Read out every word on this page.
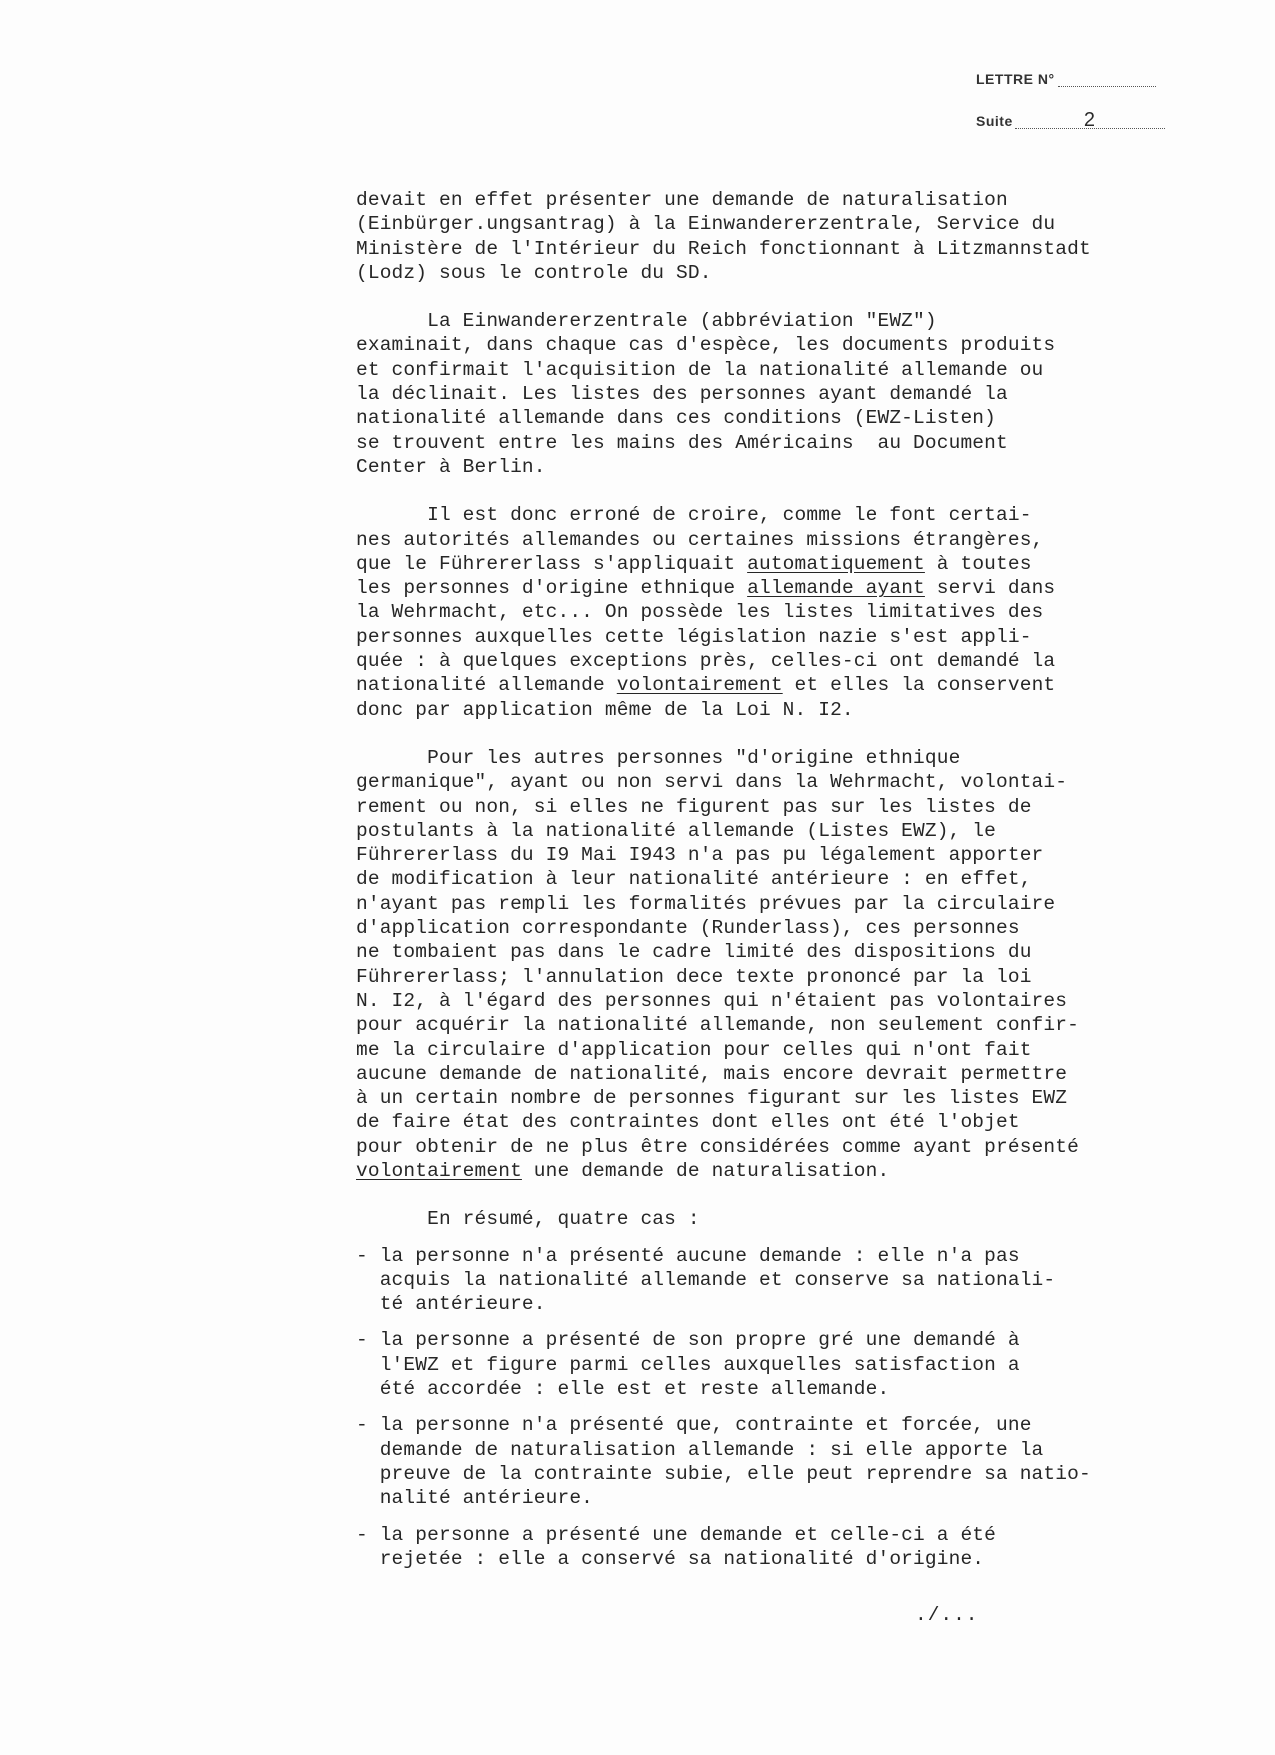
LETTRE N°
Suite	2
devait en effet présenter une demande de naturalisation
(Einbürger.ungsantrag) à la Einwandererzentrale, Service du
Ministère de l'Intérieur du Reich fonctionnant à Litzmannstadt
(Lodz) sous le controle du SD.
La Einwandererzentrale (abbréviation "EWZ")
examinait, dans chaque cas d'espèce, les documents produits
et confirmait l'acquisition de la nationalité allemande ou
la déclinait. Les listes des personnes ayant demandé la
nationalité allemande dans ces conditions (EWZ-Listen)
se trouvent entre les mains des Américains  au Document
Center à Berlin.
Il est donc erroné de croire, comme le font certai-
nes autorités allemandes ou certaines missions étrangères,
que le Führererlass s'appliquait automatiquement à toutes
les personnes d'origine ethnique allemande ayant servi dans
la Wehrmacht, etc... On possède les listes limitatives des
personnes auxquelles cette législation nazie s'est appli-
quée : à quelques exceptions près, celles-ci ont demandé la
nationalité allemande volontairement et elles la conservent
donc par application même de la Loi N. I2.
Pour les autres personnes "d'origine ethnique
germanique", ayant ou non servi dans la Wehrmacht, volontai-
rement ou non, si elles ne figurent pas sur les listes de
postulants à la nationalité allemande (Listes EWZ), le
Führererlass du I9 Mai I943 n'a pas pu légalement apporter
de modification à leur nationalité antérieure : en effet,
n'ayant pas rempli les formalités prévues par la circulaire
d'application correspondante (Runderlass), ces personnes
ne tombaient pas dans le cadre limité des dispositions du
Führererlass; l'annulation dece texte prononcé par la loi
N. I2, à l'égard des personnes qui n'étaient pas volontaires
pour acquérir la nationalité allemande, non seulement confir-
me la circulaire d'application pour celles qui n'ont fait
aucune demande de nationalité, mais encore devrait permettre
à un certain nombre de personnes figurant sur les listes EWZ
de faire état des contraintes dont elles ont été l'objet
pour obtenir de ne plus être considérées comme ayant présenté
volontairement une demande de naturalisation.
En résumé, quatre cas :
- la personne n'a présenté aucune demande : elle n'a pas
acquis la nationalité allemande et conserve sa nationali-
té antérieure.
- la personne a présenté de son propre gré une demandé à
l'EWZ et figure parmi celles auxquelles satisfaction a
été accordée : elle est et reste allemande.
- la personne n'a présenté que, contrainte et forcée, une
demande de naturalisation allemande : si elle apporte la
preuve de la contrainte subie, elle peut reprendre sa natio-
nalité antérieure.
- la personne a présenté une demande et celle-ci a été
rejetée : elle a conservé sa nationalité d'origine.
./...
